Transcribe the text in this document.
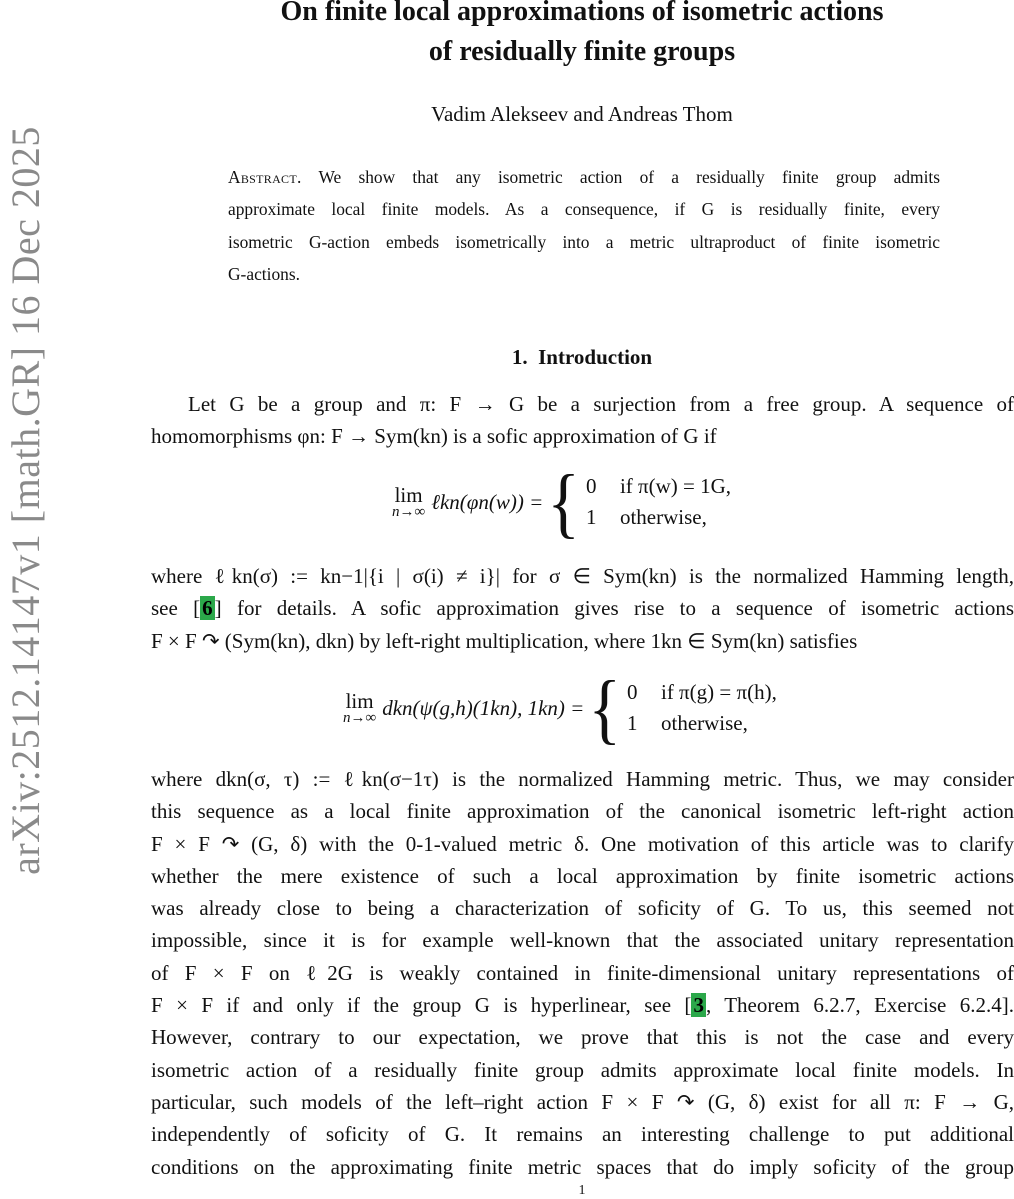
arXiv:2512.14147v1 [math.GR] 16 Dec 2025
On finite local approximations of isometric actions
of residually finite groups
Vadim Alekseev and Andreas Thom
Abstract. We show that any isometric action of a residually finite group admits
approximate local finite models. As a consequence, if G is residually finite, every
isometric G-action embeds isometrically into a metric ultraproduct of finite isometric
G-actions.
1. Introduction
Let G be a group and π: F → G be a surjection from a free group. A sequence of
homomorphisms φn: F → Sym(kn) is a sofic approximation of G if
lim
n→∞ ℓkn(φn(w)) = { 0	if π(w) = 1G,
1	otherwise,
where ℓkn(σ) := kn−1|{i | σ(i) ≠ i}| for σ ∈ Sym(kn) is the normalized Hamming length,
see [6] for details. A sofic approximation gives rise to a sequence of isometric actions
F × F ↷ (Sym(kn), dkn) by left-right multiplication, where 1kn ∈ Sym(kn) satisfies
lim
n→∞ dkn(ψ(g,h)(1kn), 1kn) = { 0	if π(g) = π(h),
1	otherwise,
where dkn(σ, τ) := ℓkn(σ−1τ) is the normalized Hamming metric. Thus, we may consider
this sequence as a local finite approximation of the canonical isometric left-right action
F × F ↷ (G, δ) with the 0-1-valued metric δ. One motivation of this article was to clarify
whether the mere existence of such a local approximation by finite isometric actions
was already close to being a characterization of soficity of G. To us, this seemed not
impossible, since it is for example well-known that the associated unitary representation
of F × F on ℓ2G is weakly contained in finite-dimensional unitary representations of
F × F if and only if the group G is hyperlinear, see [3, Theorem 6.2.7, Exercise 6.2.4].
However, contrary to our expectation, we prove that this is not the case and every
isometric action of a residually finite group admits approximate local finite models. In
particular, such models of the left–right action F × F ↷ (G, δ) exist for all π: F → G,
independently of soficity of G. It remains an interesting challenge to put additional
conditions on the approximating finite metric spaces that do imply soficity of the group
1
